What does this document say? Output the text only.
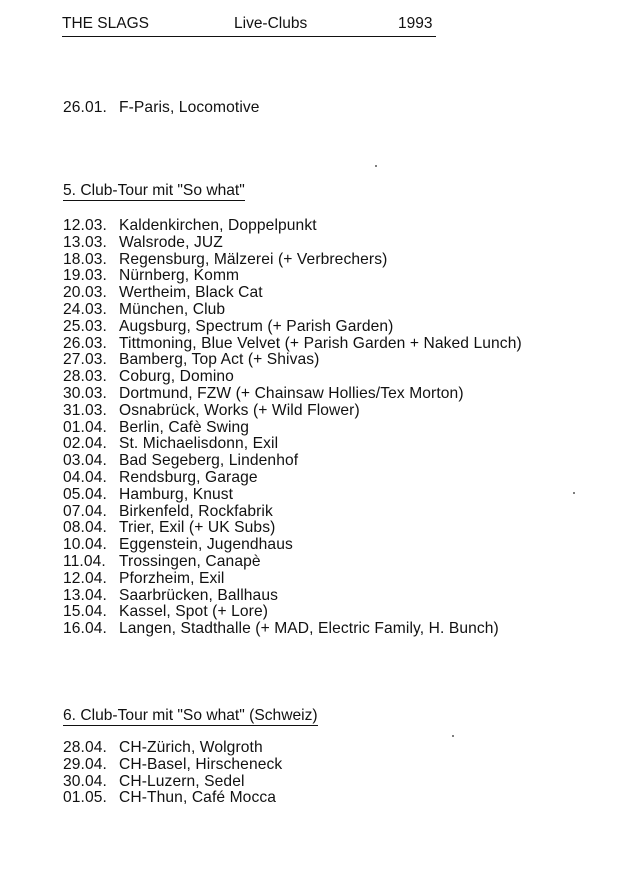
THE SLAGS	Live-Clubs	1993
26.01. F-Paris, Locomotive
5. Club-Tour mit "So what"
12.03. Kaldenkirchen, Doppelpunkt
13.03. Walsrode, JUZ
18.03. Regensburg, Mälzerei (+ Verbrechers)
19.03. Nürnberg, Komm
20.03. Wertheim, Black Cat
24.03. München, Club
25.03. Augsburg, Spectrum (+ Parish Garden)
26.03. Tittmoning, Blue Velvet (+ Parish Garden + Naked Lunch)
27.03. Bamberg, Top Act (+ Shivas)
28.03. Coburg, Domino
30.03. Dortmund, FZW (+ Chainsaw Hollies/Tex Morton)
31.03. Osnabrück, Works (+ Wild Flower)
01.04. Berlin, Cafè Swing
02.04. St. Michaelisdonn, Exil
03.04. Bad Segeberg, Lindenhof
04.04. Rendsburg, Garage
05.04. Hamburg, Knust
07.04. Birkenfeld, Rockfabrik
08.04. Trier, Exil (+ UK Subs)
10.04. Eggenstein, Jugendhaus
11.04. Trossingen, Canapè
12.04. Pforzheim, Exil
13.04. Saarbrücken, Ballhaus
15.04. Kassel, Spot (+ Lore)
16.04. Langen, Stadthalle (+ MAD, Electric Family, H. Bunch)
6. Club-Tour mit "So what" (Schweiz)
28.04. CH-Zürich, Wolgroth
29.04. CH-Basel, Hirscheneck
30.04. CH-Luzern, Sedel
01.05. CH-Thun, Café Mocca
